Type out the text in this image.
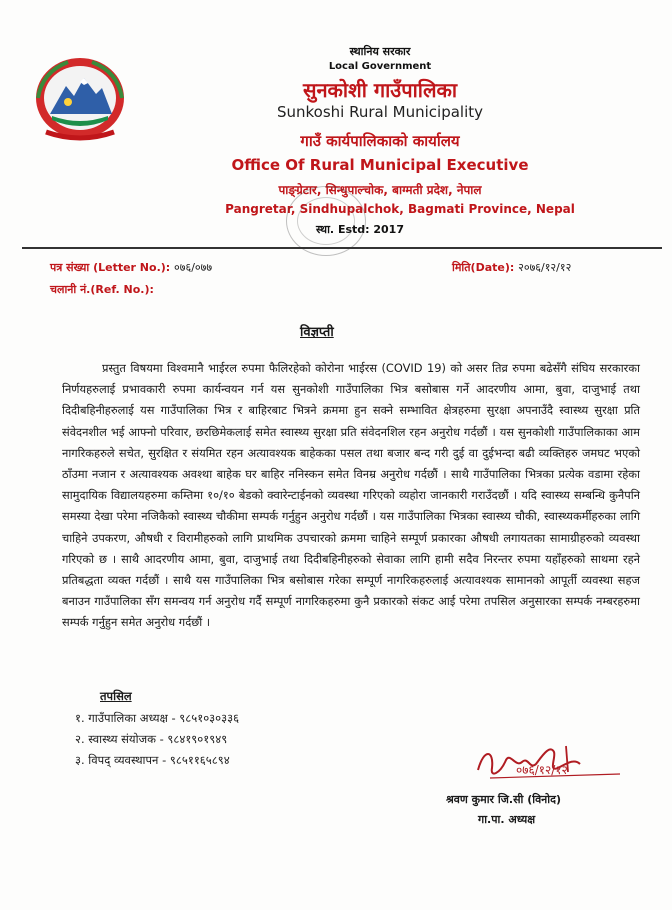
स्थानिय सरकार
Local Government
सुनकोशी गाउँपालिका
Sunkoshi Rural Municipality
गाउँ कार्यपालिकाको कार्यालय
Office Of Rural Municipal Executive
पाङ्ग्रेटार, सिन्धुपाल्चोक, बाग्मती प्रदेश, नेपाल
Pangretar, Sindhupalchok, Bagmati Province, Nepal
स्था. Estd: 2017
पत्र संख्या (Letter No.): ०७६/०७७
चलानी नं.(Ref. No.):
मिति(Date): २०७६/१२/१२
विज्ञप्ती

प्रस्तुत विषयमा विश्वमानै भाईरल रुपमा फैलिरहेको कोरोना भाईरस (COVID 19) को असर तिव्र रुपमा बढेसँगै संघिय सरकारका निर्णयहरुलाई प्रभावकारी रुपमा कार्यन्वयन गर्न यस सुनकोशी गाउँपालिका भित्र बसोबास गर्ने आदरणीय आमा, बुवा, दाजुभाई तथा दिदीबहिनीहरुलाई यस गाउँपालिका भित्र र बाहिरबाट भित्रने क्रममा हुन सक्ने सम्भावित क्षेत्रहरुमा सुरक्षा अपनाउँदै स्वास्थ्य सुरक्षा प्रति संवेदनशील भई आफ्नो परिवार, छरछिमेकलाई समेत स्वास्थ्य सुरक्षा प्रति संवेदनशिल रहन अनुरोध गर्दछौं । यस सुनकोशी गाउँपालिकाका आम नागरिकहरुले सचेत, सुरक्षित र संयमित रहन अत्यावश्यक बाहेकका पसल तथा बजार बन्द गरी दुई वा दुईभन्दा बढी व्यक्तिहरु जमघट भएको ठाँउमा नजान र अत्यावश्यक अवश्था बाहेक घर बाहिर ननिस्कन समेत विनम्र अनुरोध गर्दछौं । साथै गाउँपालिका भित्रका प्रत्येक वडामा रहेका सामुदायिक विद्यालयहरुमा कम्तिमा १०/१० बेडको क्वारेन्टाईनको व्यवस्था गरिएको व्यहोरा जानकारी गराउँदछौं । यदि स्वास्थ्य सम्बन्धि कुनैपनि समस्या देखा परेमा नजिकैको स्वास्थ्य चौकीमा सम्पर्क गर्नुहुन अनुरोध गर्दछौं । यस गाउँपालिका भित्रका स्वास्थ्य चौकी, स्वास्थ्यकर्मीहरुका लागि चाहिने उपकरण, औषधी र विरामीहरुको लागि प्राथमिक उपचारको क्रममा चाहिने सम्पूर्ण प्रकारका औषधी लगायतका सामाग्रीहरुको व्यवस्था गरिएको छ । साथै आदरणीय आमा, बुवा, दाजुभाई तथा दिदीबहिनीहरुको सेवाका लागि हामी सदैव निरन्तर रुपमा यहाँहरुको साथमा रहने प्रतिबद्धता व्यक्त गर्दछौं । साथै यस गाउँपालिका भित्र बसोबास गरेका सम्पूर्ण नागरिकहरुलाई अत्यावश्यक सामानको आपूर्ती व्यवस्था सहज बनाउन गाउँपालिका सँग समन्वय गर्न अनुरोध गर्दै सम्पूर्ण नागरिकहरुमा कुनै प्रकारको संकट आई परेमा तपसिल अनुसारका सम्पर्क नम्बरहरुमा सम्पर्क गर्नुहुन समेत अनुरोध गर्दछौं ।

तपसिल
१. गाउँपालिका अध्यक्ष - ९८५१०३०३३६
२. स्वास्थ्य संयोजक - ९८४१९०१९४९
३. विपद् व्यवस्थापन - ९८५११६५८९४
०७६/१२/१२
श्रवण कुमार जि.सी (विनोद)
गा.पा. अध्यक्ष
